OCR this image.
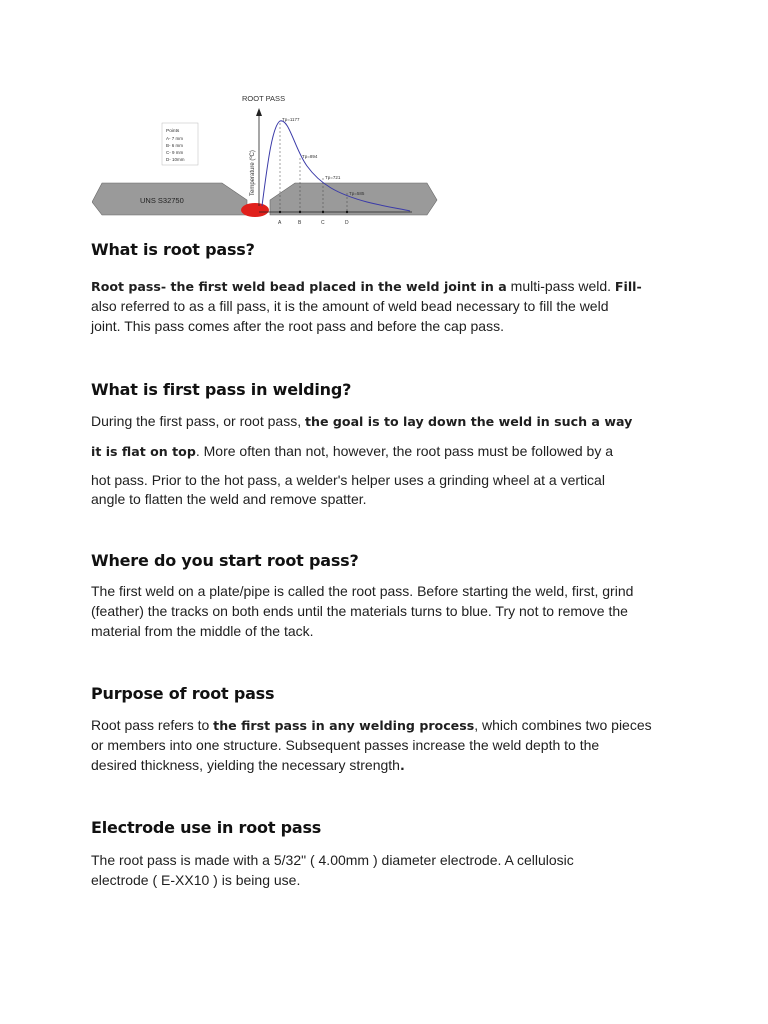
ROOT PASS
UNS S32750
Temperature (ºC)
Points
A- 7 mm
B- 6 mm
C- 9 mm
D- 10mm
Tp=1177
Tp=894
Tp=721
Tp=585
A	B	C	D
What is root pass?

Root pass- the first weld bead placed in the weld joint in a multi-pass weld. Fill-

also referred to as a fill pass, it is the amount of weld bead necessary to fill the weld

joint. This pass comes after the root pass and before the cap pass.

What is first pass in welding?

During the first pass, or root pass, the goal is to lay down the weld in such a way

it is flat on top. More often than not, however, the root pass must be followed by a

hot pass. Prior to the hot pass, a welder's helper uses a grinding wheel at a vertical

angle to flatten the weld and remove spatter.

Where do you start root pass?

The first weld on a plate/pipe is called the root pass. Before starting the weld, first, grind

(feather) the tracks on both ends until the materials turns to blue. Try not to remove the

material from the middle of the tack.

Purpose of root pass

Root pass refers to the first pass in any welding process, which combines two pieces

or members into one structure. Subsequent passes increase the weld depth to the

desired thickness, yielding the necessary strength.

Electrode use in root pass

The root pass is made with a 5/32" ( 4.00mm ) diameter electrode. A cellulosic

electrode ( E-XX10 ) is being use.
